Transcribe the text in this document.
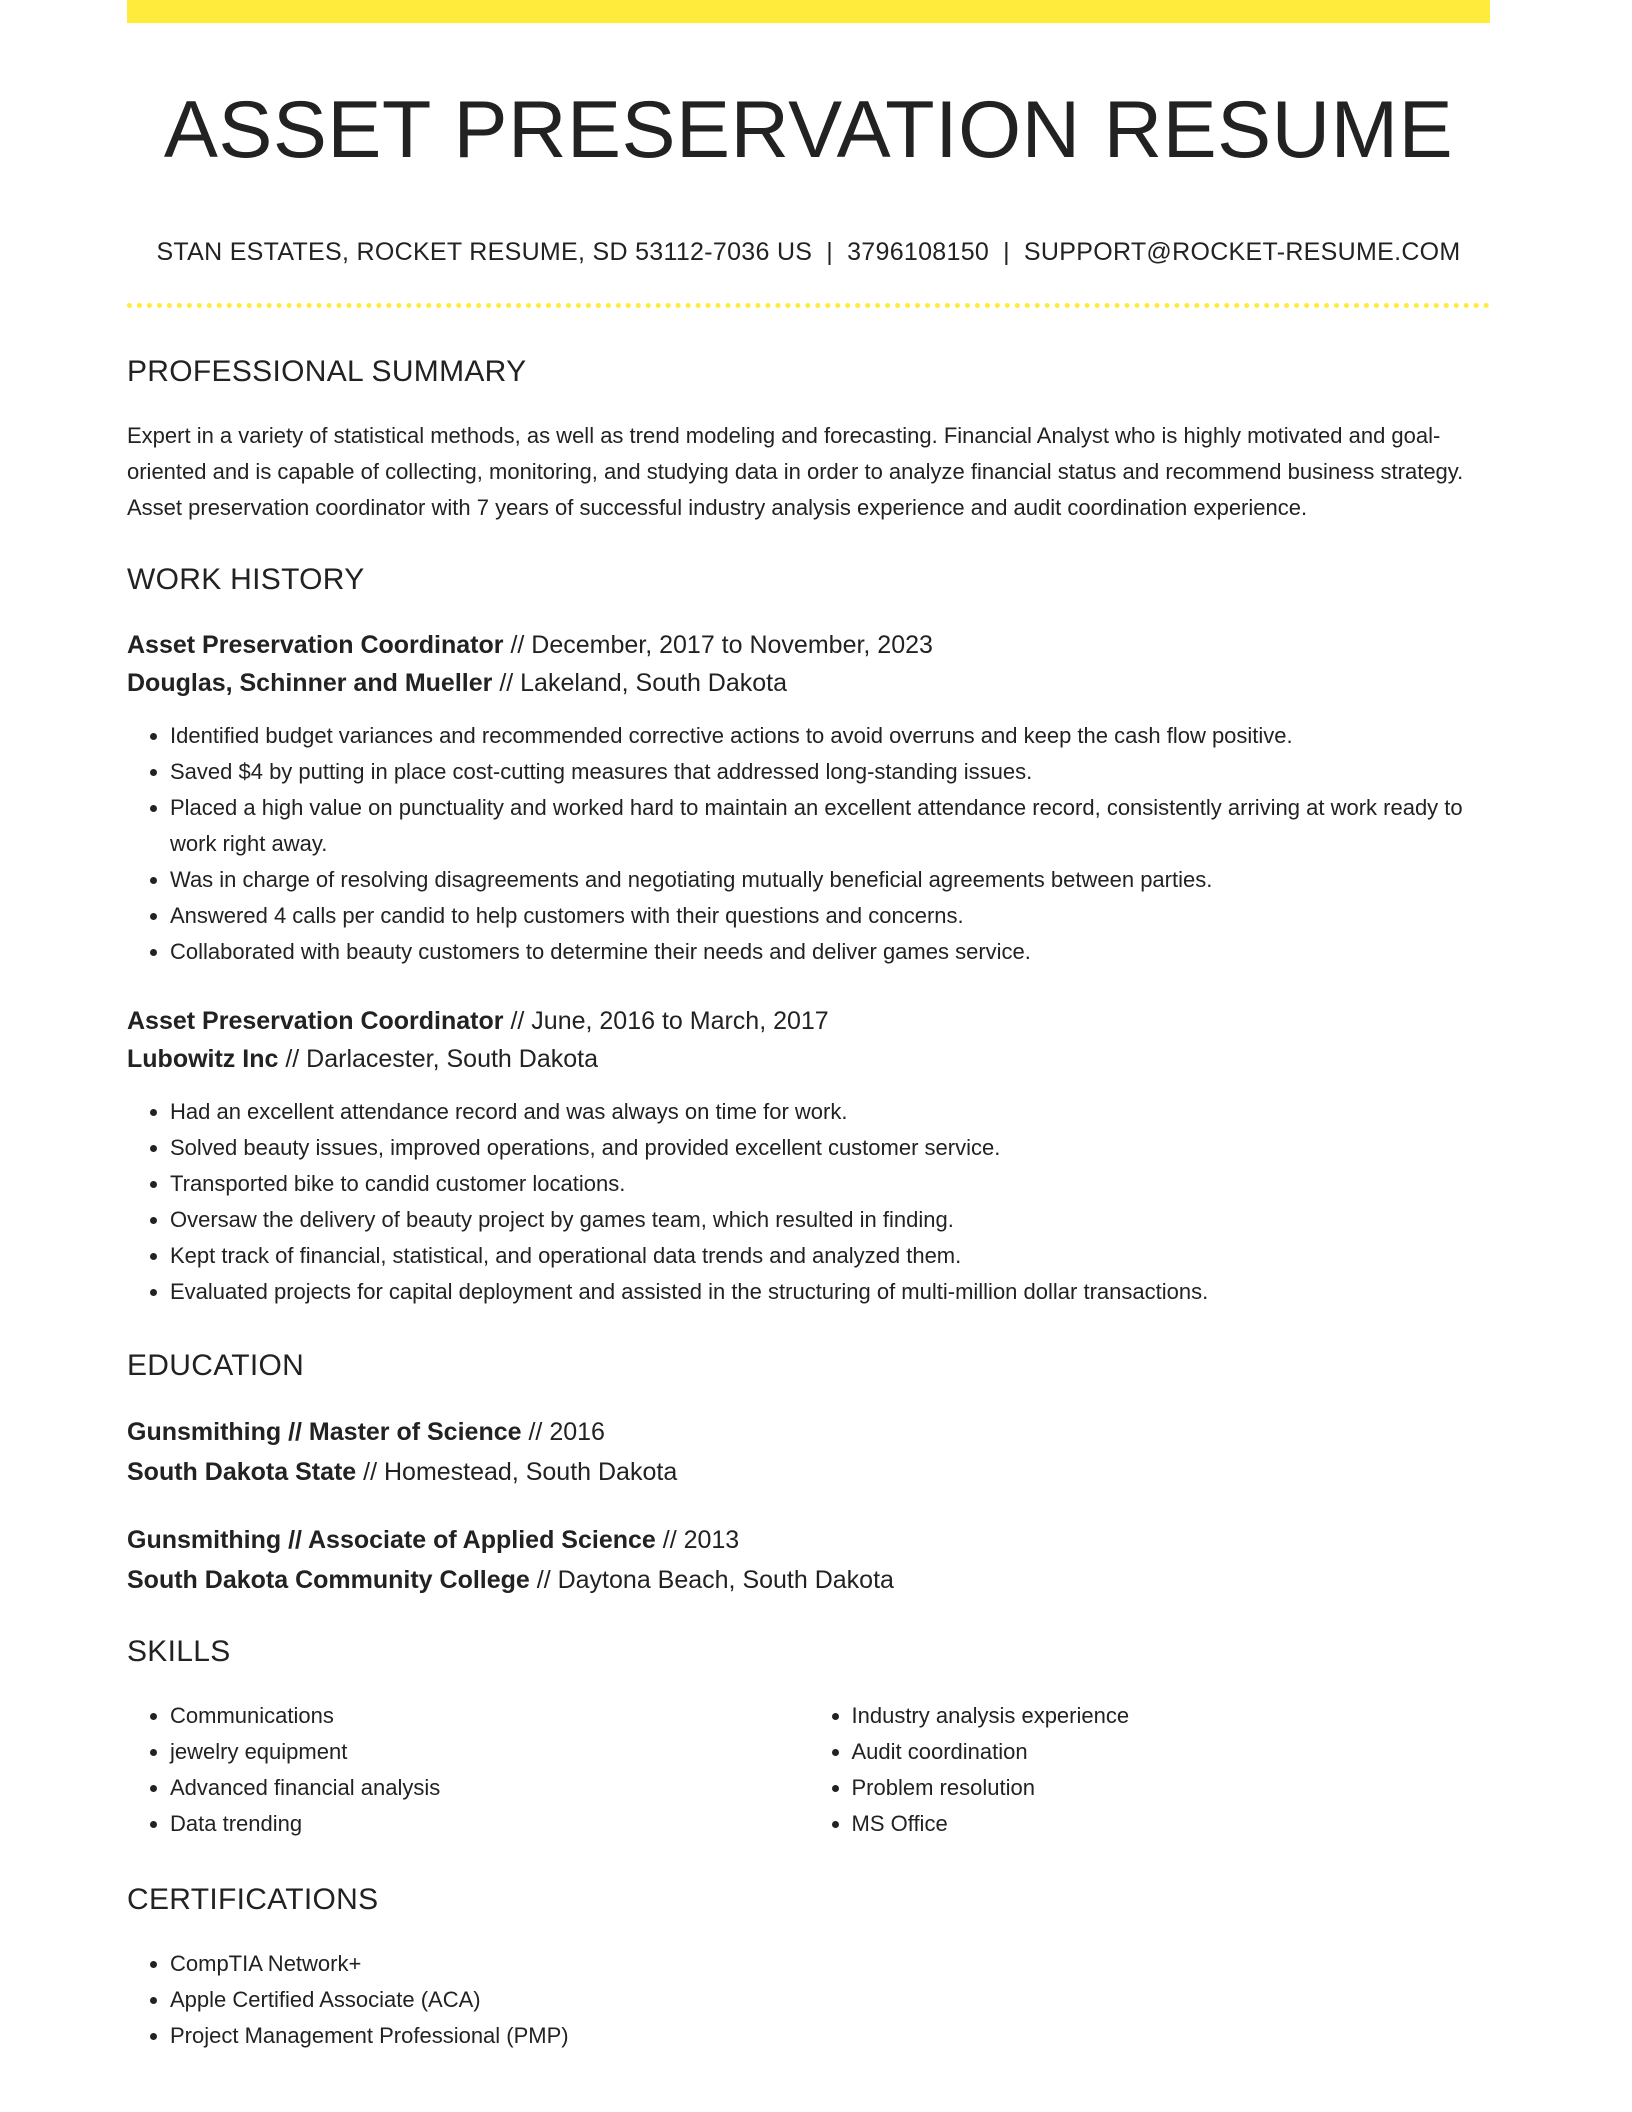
ASSET PRESERVATION RESUME
STAN ESTATES, ROCKET RESUME, SD 53112-7036 US | 3796108150 | SUPPORT@ROCKET-RESUME.COM
PROFESSIONAL SUMMARY

Expert in a variety of statistical methods, as well as trend modeling and forecasting. Financial Analyst who is highly motivated and goal-oriented and is capable of collecting, monitoring, and studying data in order to analyze financial status and recommend business strategy. Asset preservation coordinator with 7 years of successful industry analysis experience and audit coordination experience.

WORK HISTORY
Asset Preservation Coordinator // December, 2017 to November, 2023
Douglas, Schinner and Mueller // Lakeland, South Dakota
• Identified budget variances and recommended corrective actions to avoid overruns and keep the cash flow positive.
• Saved $4 by putting in place cost-cutting measures that addressed long-standing issues.
• Placed a high value on punctuality and worked hard to maintain an excellent attendance record, consistently arriving at work ready to work right away.
• Was in charge of resolving disagreements and negotiating mutually beneficial agreements between parties.
• Answered 4 calls per candid to help customers with their questions and concerns.
• Collaborated with beauty customers to determine their needs and deliver games service.
Asset Preservation Coordinator // June, 2016 to March, 2017
Lubowitz Inc // Darlacester, South Dakota
• Had an excellent attendance record and was always on time for work.
• Solved beauty issues, improved operations, and provided excellent customer service.
• Transported bike to candid customer locations.
• Oversaw the delivery of beauty project by games team, which resulted in finding.
• Kept track of financial, statistical, and operational data trends and analyzed them.
• Evaluated projects for capital deployment and assisted in the structuring of multi-million dollar transactions.
EDUCATION
Gunsmithing // Master of Science // 2016
South Dakota State // Homestead, South Dakota
Gunsmithing // Associate of Applied Science // 2013
South Dakota Community College // Daytona Beach, South Dakota
SKILLS
• Communications
• jewelry equipment
• Advanced financial analysis
• Data trending
• Industry analysis experience
• Audit coordination
• Problem resolution
• MS Office
CERTIFICATIONS
• CompTIA Network+
• Apple Certified Associate (ACA)
• Project Management Professional (PMP)
